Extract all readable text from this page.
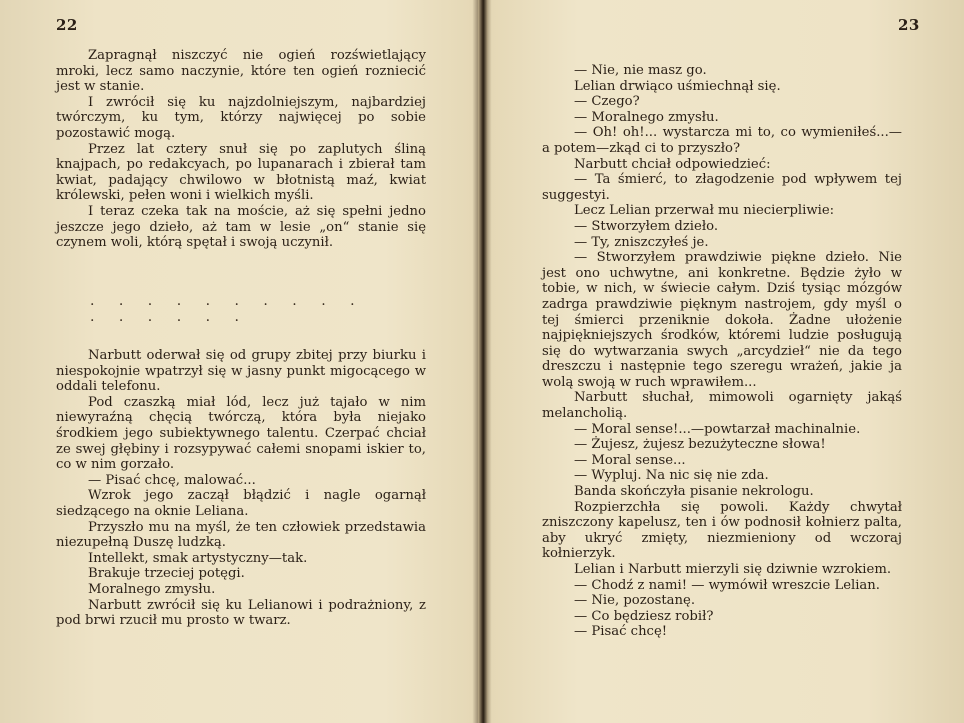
22

Zapragnął niszczyć nie ogień rozświetlający mroki, lecz samo naczynie, które ten ogień rozniecić jest w stanie.

I zwrócił się ku najzdolniejszym, najbardziej twórczym, ku tym, którzy najwięcej po sobie pozostawić mogą.

Przez lat cztery snuł się po zaplutych śliną knajpach, po redakcyach, po lupanarach i zbierał tam kwiat, padający chwilowo w błotnistą maź, kwiat królewski, pełen woni i wielkich myśli.

I teraz czeka tak na moście, aż się spełni jedno jeszcze jego dzieło, aż tam w lesie „on“ stanie się czynem woli, którą spętał i swoją uczynił.

. . . . . . . . . . . . . . . .

Narbutt oderwał się od grupy zbitej przy biurku i niespokojnie wpatrzył się w jasny punkt migocącego w oddali telefonu.

Pod czaszką miał lód, lecz już tajało w nim niewyraźną chęcią twórczą, która była niejako środkiem jego subiektywnego talentu. Czerpać chciał ze swej głębiny i rozsypywać całemi snopami iskier to, co w nim gorzało.

— Pisać chcę, malować...

Wzrok jego zaczął błądzić i nagle ogarnął siedzącego na oknie Leliana.

Przyszło mu na myśl, że ten człowiek przedstawia niezupełną Duszę ludzką.

Intellekt, smak artystyczny—tak.

Brakuje trzeciej potęgi.

Moralnego zmysłu.

Narbutt zwrócił się ku Lelianowi i podrażniony, z pod brwi rzucił mu prosto w twarz.

23

— Nie, nie masz go.

Lelian drwiąco uśmiechnął się.

— Czego?

— Moralnego zmysłu.

— Oh! oh!... wystarcza mi to, co wymieniłeś...— a potem—zkąd ci to przyszło?

Narbutt chciał odpowiedzieć:

— Ta śmierć, to złagodzenie pod wpływem tej suggestyi.

Lecz Lelian przerwał mu niecierpliwie:

— Stworzyłem dzieło.

— Ty, zniszczyłeś je.

— Stworzyłem prawdziwie piękne dzieło. Nie jest ono uchwytne, ani konkretne. Będzie żyło w tobie, w nich, w świecie całym. Dziś tysiąc mózgów zadrga prawdziwie pięknym nastrojem, gdy myśl o tej śmierci przeniknie dokoła. Żadne ułożenie najpiękniejszych środków, któremi ludzie posługują się do wytwarzania swych „arcydzieł“ nie da tego dreszczu i następnie tego szeregu wrażeń, jakie ja wolą swoją w ruch wprawiłem...

Narbutt słuchał, mimowoli ogarnięty jakąś melancholią.

— Moral sense!...—powtarzał machinalnie.

— Żujesz, żujesz bezużyteczne słowa!

— Moral sense...

— Wypluj. Na nic się nie zda.

Banda skończyła pisanie nekrologu.

Rozpierzchła się powoli. Każdy chwytał zniszczony kapelusz, ten i ów podnosił kołnierz palta, aby ukryć zmięty, niezmieniony od wczoraj kołnierzyk.

Lelian i Narbutt mierzyli się dziwnie wzrokiem.

— Chodź z nami! — wymówił wreszcie Lelian.

— Nie, pozostanę.

— Co będziesz robił?

— Pisać chcę!
